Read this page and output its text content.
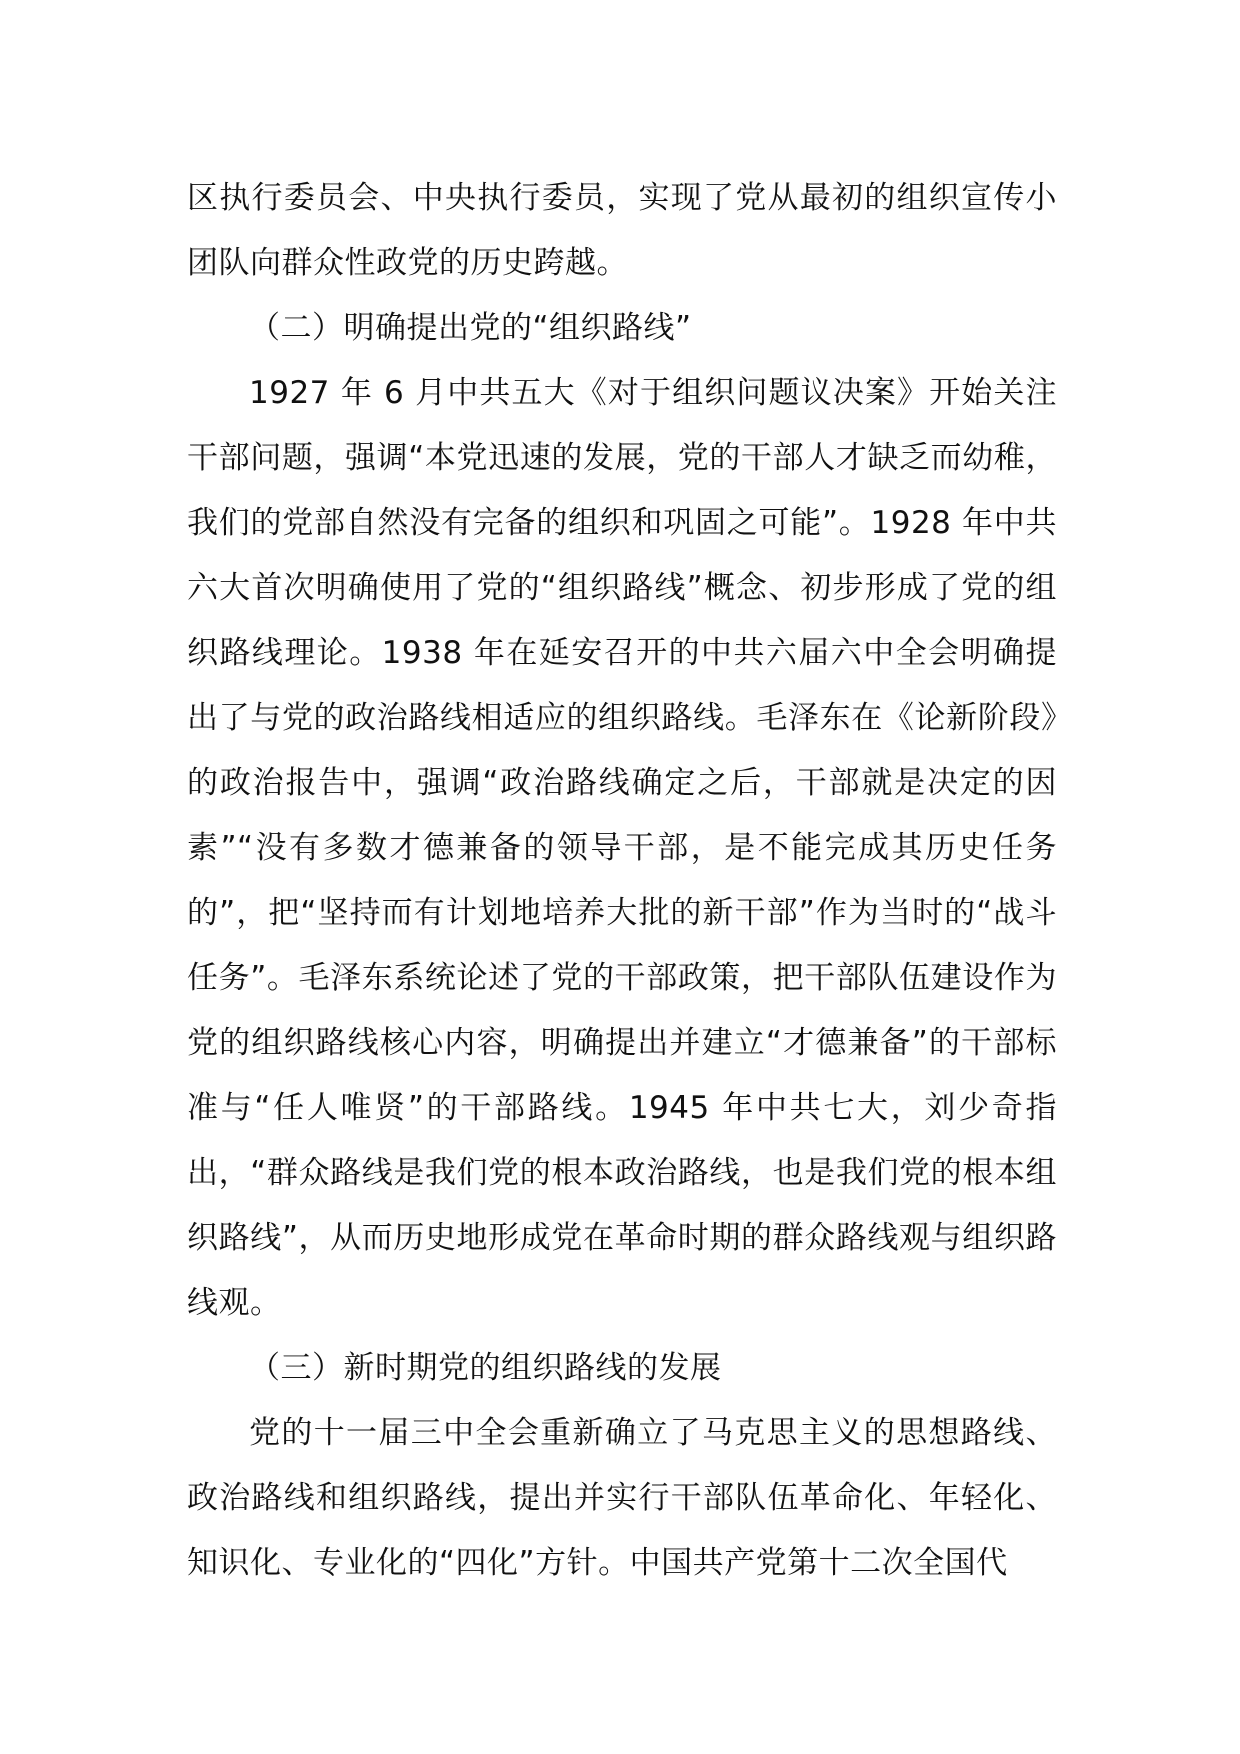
区执行委员会、中央执行委员，实现了党从最初的组织宣传小团队向群众性政党的历史跨越。

（二）明确提出党的“组织路线”

1927 年 6 月中共五大《对于组织问题议决案》开始关注干部问题，强调“本党迅速的发展，党的干部人才缺乏而幼稚，我们的党部自然没有完备的组织和巩固之可能”。1928 年中共六大首次明确使用了党的“组织路线”概念、初步形成了党的组织路线理论。1938 年在延安召开的中共六届六中全会明确提出了与党的政治路线相适应的组织路线。毛泽东在《论新阶段》的政治报告中，强调“政治路线确定之后，干部就是决定的因素”“没有多数才德兼备的领导干部，是不能完成其历史任务的”，把“坚持而有计划地培养大批的新干部”作为当时的“战斗任务”。毛泽东系统论述了党的干部政策，把干部队伍建设作为党的组织路线核心内容，明确提出并建立“才德兼备”的干部标准与“任人唯贤”的干部路线。1945 年中共七大，刘少奇指出，“群众路线是我们党的根本政治路线，也是我们党的根本组织路线”，从而历史地形成党在革命时期的群众路线观与组织路线观。

（三）新时期党的组织路线的发展

党的十一届三中全会重新确立了马克思主义的思想路线、政治路线和组织路线，提出并实行干部队伍革命化、年轻化、知识化、专业化的“四化”方针。中国共产党第十二次全国代
